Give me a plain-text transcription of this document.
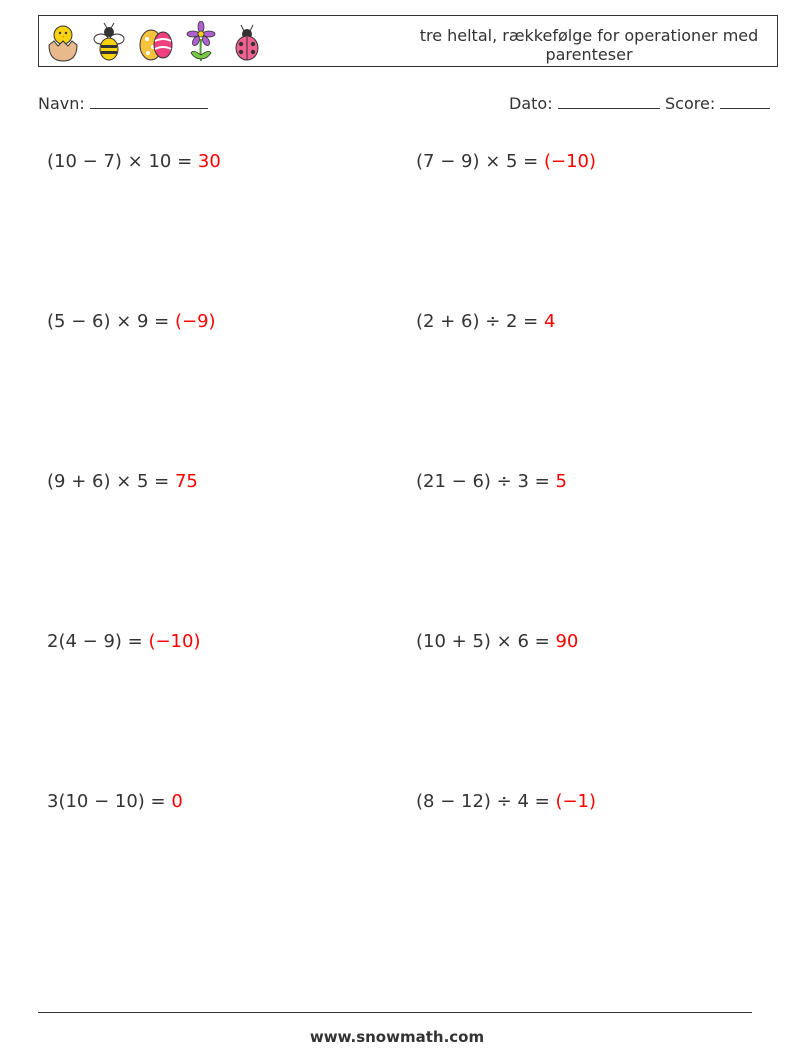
tre heltal, rækkefølge for operationer med parenteser
Navn:	Dato:	Score:
(10 − 7) × 10 = 30	(7 − 9) × 5 = (−10)
(5 − 6) × 9 = (−9)	(2 + 6) ÷ 2 = 4
(9 + 6) × 5 = 75	(21 − 6) ÷ 3 = 5
2(4 − 9) = (−10)	(10 + 5) × 6 = 90
3(10 − 10) = 0	(8 − 12) ÷ 4 = (−1)
www.snowmath.com
